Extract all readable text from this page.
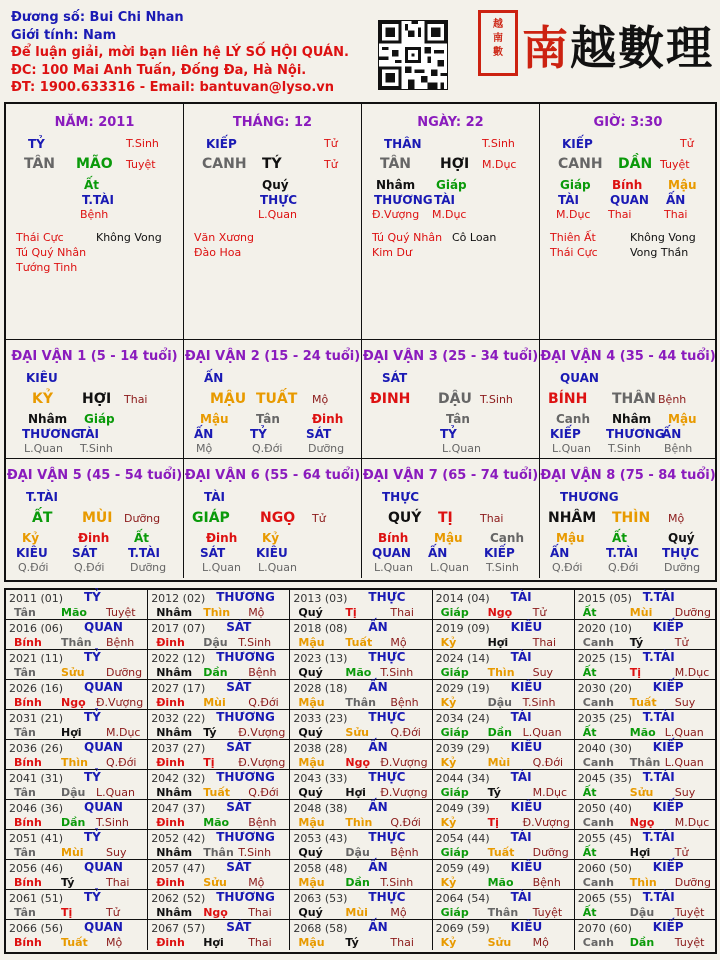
Đương số: Bui Chi Nhan
Giới tính: Nam
Để luận giải, mời bạn liên hệ LÝ SỐ HỘI QUÁN.
ĐC: 100 Mai Anh Tuấn, Đống Đa, Hà Nội.
ĐT: 1900.633316 - Email: bantuvan@lyso.vn
越
南
數 南越數理
NĂM: 2011
TỶ	T.Sinh
TÂN MÃO Tuyệt
Ất
T.TÀI
Bệnh
Thái Cực
Tú Quý Nhân
Tướng Tinh
Không Vong
THÁNG: 12
KIẾP	Tử
CANH TÝ	Tử
Quý
THỰC
L.Quan
Văn Xương
Đào Hoa
NGÀY: 22
THÂN	T.Sinh
TÂN HỢI M.Dục
Nhâm
THƯƠNG
Đ.Vượng
Giáp
TÀI
M.Dục
Tú Quý Nhân
Kim Dư
Cô Loan
GIỜ: 3:30
KIẾP	Tử
CANH DẦN Tuyệt
Giáp
TÀI
M.Dục
Bính
QUAN
Thai
Mậu
ẤN
Thai
Thiên Ất
Thái Cực
Không Vong
Vong Thần
ĐẠI VẬN 1 (5 - 14 tuổi)
KIÊU
KỶ HỢI Thai
Nhâm
THƯƠNG
L.Quan
Giáp
TÀI
T.Sinh
ĐẠI VẬN 2 (15 - 24 tuổi)
ẤN
MẬU TUẤT Mộ
Mậu
ẤN
Mộ
Tân
TỶ
Q.Đới
Đinh
SÁT
Dưỡng
ĐẠI VẬN 3 (25 - 34 tuổi)
SÁT
ĐINH DẬU T.Sinh
Tân
TỶ
L.Quan
ĐẠI VẬN 4 (35 - 44 tuổi)
QUAN
BÍNH THÂN Bệnh
Canh
KIẾP
L.Quan
Nhâm
THƯƠNG
T.Sinh
Mậu
ẤN
Bệnh
ĐẠI VẬN 5 (45 - 54 tuổi)
T.TÀI
ẤT MÙI Dưỡng
Kỷ
KIÊU
Q.Đới
Đinh
SÁT
Q.Đới
Ất
T.TÀI
Dưỡng
ĐẠI VẬN 6 (55 - 64 tuổi)
TÀI
GIÁP NGỌ Tử
Đinh
SÁT
L.Quan
Kỷ
KIÊU
L.Quan
ĐẠI VẬN 7 (65 - 74 tuổi)
THỰC
QUÝ TỊ Thai
Bính
QUAN
L.Quan
Mậu
ẤN
L.Quan
Canh
KIẾP
T.Sinh
ĐẠI VẬN 8 (75 - 84 tuổi)
THƯƠNG
NHÂM THÌN Mộ
Mậu
ẤN
Q.Đới
Ất
T.TÀI
Q.Đới
Quý
THỰC
Dưỡng
2011 (01) TỶ
Tân Mão Tuyệt
2012 (02) THƯƠNG
Nhâm Thìn Mộ
2013 (03) THỰC
Quý Tị	Thai
2014 (04) TÀI
Giáp Ngọ Tử
2015 (05) T.TÀI
Ất	Mùi Dưỡng
2016 (06) QUAN
Bính Thân Bệnh
2017 (07) SÁT
Đinh Dậu T.Sinh
2018 (08) ẤN
Mậu Tuất Mộ
2019 (09) KIÊU
Kỷ	Hợi Thai
2020 (10) KIẾP
Canh Tý	Tử
2021 (11) TỶ
Tân Sửu Dưỡng
2022 (12) THƯƠNG
Nhâm Dần Bệnh
2023 (13) THỰC
Quý Mão T.Sinh
2024 (14) TÀI
Giáp Thìn Suy
2025 (15) T.TÀI
Ất	Tị	M.Dục
2026 (16) QUAN
Bính Ngọ Đ.Vượng
2027 (17) SÁT
Đinh Mùi Q.Đới
2028 (18) ẤN
Mậu Thân Bệnh
2029 (19) KIÊU
Kỷ	Dậu T.Sinh
2030 (20) KIẾP
Canh Tuất Suy
2031 (21) TỶ
Tân Hợi M.Dục
2032 (22) THƯƠNG
Nhâm Tý Đ.Vượng
2033 (23) THỰC
Quý Sửu Q.Đới
2034 (24) TÀI
Giáp Dần L.Quan
2035 (25) T.TÀI
Ất	Mão L.Quan
2036 (26) QUAN
Bính Thìn Q.Đới
2037 (27) SÁT
Đinh Tị Đ.Vượng
2038 (28) ẤN
Mậu Ngọ Đ.Vượng
2039 (29) KIÊU
Kỷ	Mùi Q.Đới
2040 (30) KIẾP
Canh Thân L.Quan
2041 (31) TỶ
Tân Dậu L.Quan
2042 (32) THƯƠNG
Nhâm Tuất Q.Đới
2043 (33) THỰC
Quý Hợi Đ.Vượng
2044 (34) TÀI
Giáp Tý	M.Dục
2045 (35) T.TÀI
Ất	Sửu Suy
2046 (36) QUAN
Bính Dần T.Sinh
2047 (37) SÁT
Đinh Mão Bệnh
2048 (38) ẤN
Mậu Thìn Q.Đới
2049 (39) KIÊU
Kỷ	Tị Đ.Vượng
2050 (40) KIẾP
Canh Ngọ M.Dục
2051 (41) TỶ
Tân Mùi Suy
2052 (42) THƯƠNG
Nhâm Thân T.Sinh
2053 (43) THỰC
Quý Dậu Bệnh
2054 (44) TÀI
Giáp Tuất Dưỡng
2055 (45) T.TÀI
Ất	Hợi Tử
2056 (46) QUAN
Bính Tý	Thai
2057 (47) SÁT
Đinh Sửu Mộ
2058 (48) ẤN
Mậu Dần T.Sinh
2059 (49) KIÊU
Kỷ	Mão Bệnh
2060 (50) KIẾP
Canh Thìn Dưỡng
2061 (51) TỶ
Tân Tị	Tử
2062 (52) THƯƠNG
Nhâm Ngọ Thai
2063 (53) THỰC
Quý Mùi Mộ
2064 (54) TÀI
Giáp Thân Tuyệt
2065 (55) T.TÀI
Ất	Dậu Tuyệt
2066 (56) QUAN
Bính Tuất Mộ
2067 (57) SÁT
Đinh Hợi Thai
2068 (58) ẤN
Mậu Tý	Thai
2069 (59) KIÊU
Kỷ	Sửu Mộ
2070 (60) KIẾP
Canh Dần Tuyệt
